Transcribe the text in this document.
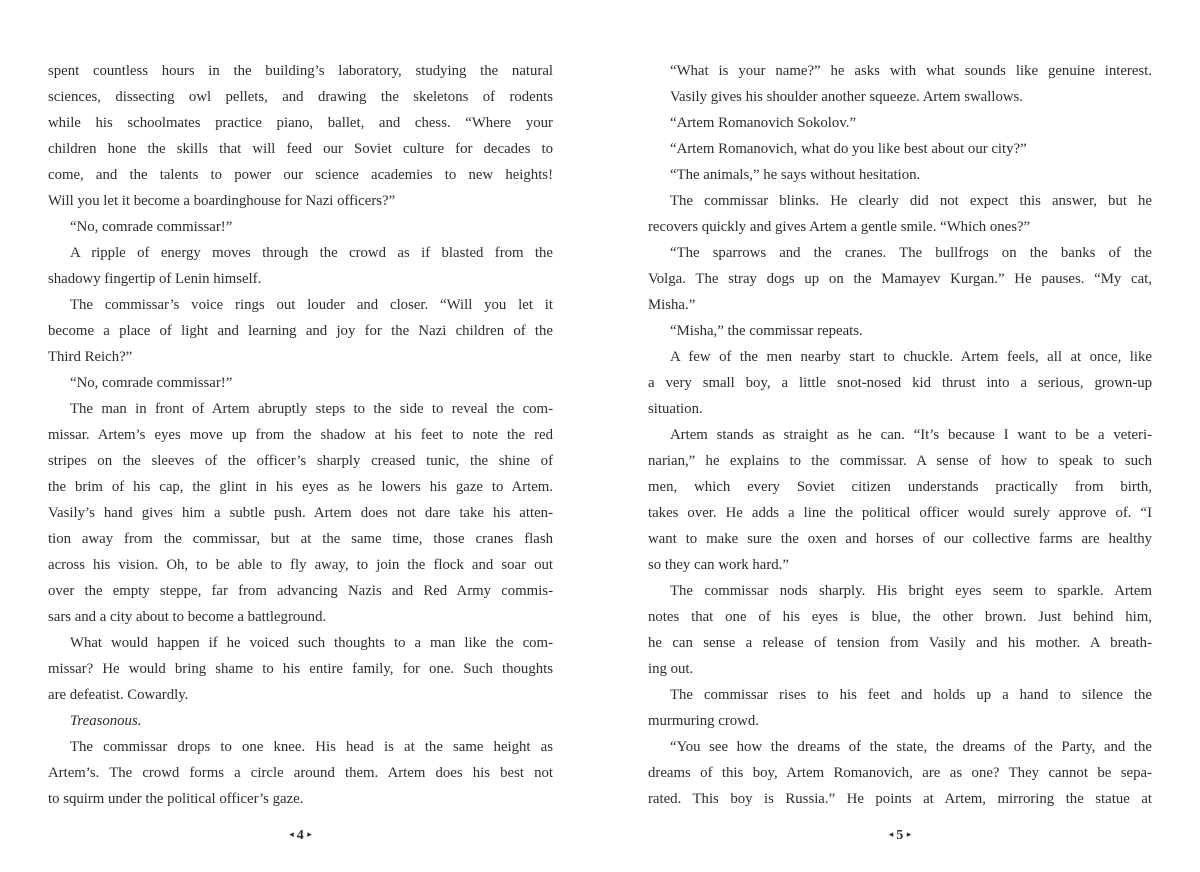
spent countless hours in the building’s laboratory, studying the natural
sciences, dissecting owl pellets, and drawing the skeletons of rodents
while his schoolmates practice piano, ballet, and chess. “Where your
children hone the skills that will feed our Soviet culture for decades to
come, and the talents to power our science academies to new heights!
Will you let it become a boardinghouse for Nazi officers?”
“No, comrade commissar!”
A ripple of energy moves through the crowd as if blasted from the
shadowy fingertip of Lenin himself.
The commissar’s voice rings out louder and closer. “Will you let it
become a place of light and learning and joy for the Nazi children of the
Third Reich?”
“No, comrade commissar!”
The man in front of Artem abruptly steps to the side to reveal the com-
missar. Artem’s eyes move up from the shadow at his feet to note the red
stripes on the sleeves of the officer’s sharply creased tunic, the shine of
the brim of his cap, the glint in his eyes as he lowers his gaze to Artem.
Vasily’s hand gives him a subtle push. Artem does not dare take his atten-
tion away from the commissar, but at the same time, those cranes flash
across his vision. Oh, to be able to fly away, to join the flock and soar out
over the empty steppe, far from advancing Nazis and Red Army commis-
sars and a city about to become a battleground.
What would happen if he voiced such thoughts to a man like the com-
missar? He would bring shame to his entire family, for one. Such thoughts
are defeatist. Cowardly.
Treasonous.
The commissar drops to one knee. His head is at the same height as
Artem’s. The crowd forms a circle around them. Artem does his best not
to squirm under the political officer’s gaze.
◂ 4 ▸
“What is your name?” he asks with what sounds like genuine interest.
Vasily gives his shoulder another squeeze. Artem swallows.
“Artem Romanovich Sokolov.”
“Artem Romanovich, what do you like best about our city?”
“The animals,” he says without hesitation.
The commissar blinks. He clearly did not expect this answer, but he
recovers quickly and gives Artem a gentle smile. “Which ones?”
“The sparrows and the cranes. The bullfrogs on the banks of the
Volga. The stray dogs up on the Mamayev Kurgan.” He pauses. “My cat,
Misha.”
“Misha,” the commissar repeats.
A few of the men nearby start to chuckle. Artem feels, all at once, like
a very small boy, a little snot-nosed kid thrust into a serious, grown-up
situation.
Artem stands as straight as he can. “It’s because I want to be a veteri-
narian,” he explains to the commissar. A sense of how to speak to such
men, which every Soviet citizen understands practically from birth,
takes over. He adds a line the political officer would surely approve of. “I
want to make sure the oxen and horses of our collective farms are healthy
so they can work hard.”
The commissar nods sharply. His bright eyes seem to sparkle. Artem
notes that one of his eyes is blue, the other brown. Just behind him,
he can sense a release of tension from Vasily and his mother. A breath-
ing out.
The commissar rises to his feet and holds up a hand to silence the
murmuring crowd.
“You see how the dreams of the state, the dreams of the Party, and the
dreams of this boy, Artem Romanovich, are as one? They cannot be sepa-
rated. This boy is Russia.” He points at Artem, mirroring the statue at
◂ 5 ▸
